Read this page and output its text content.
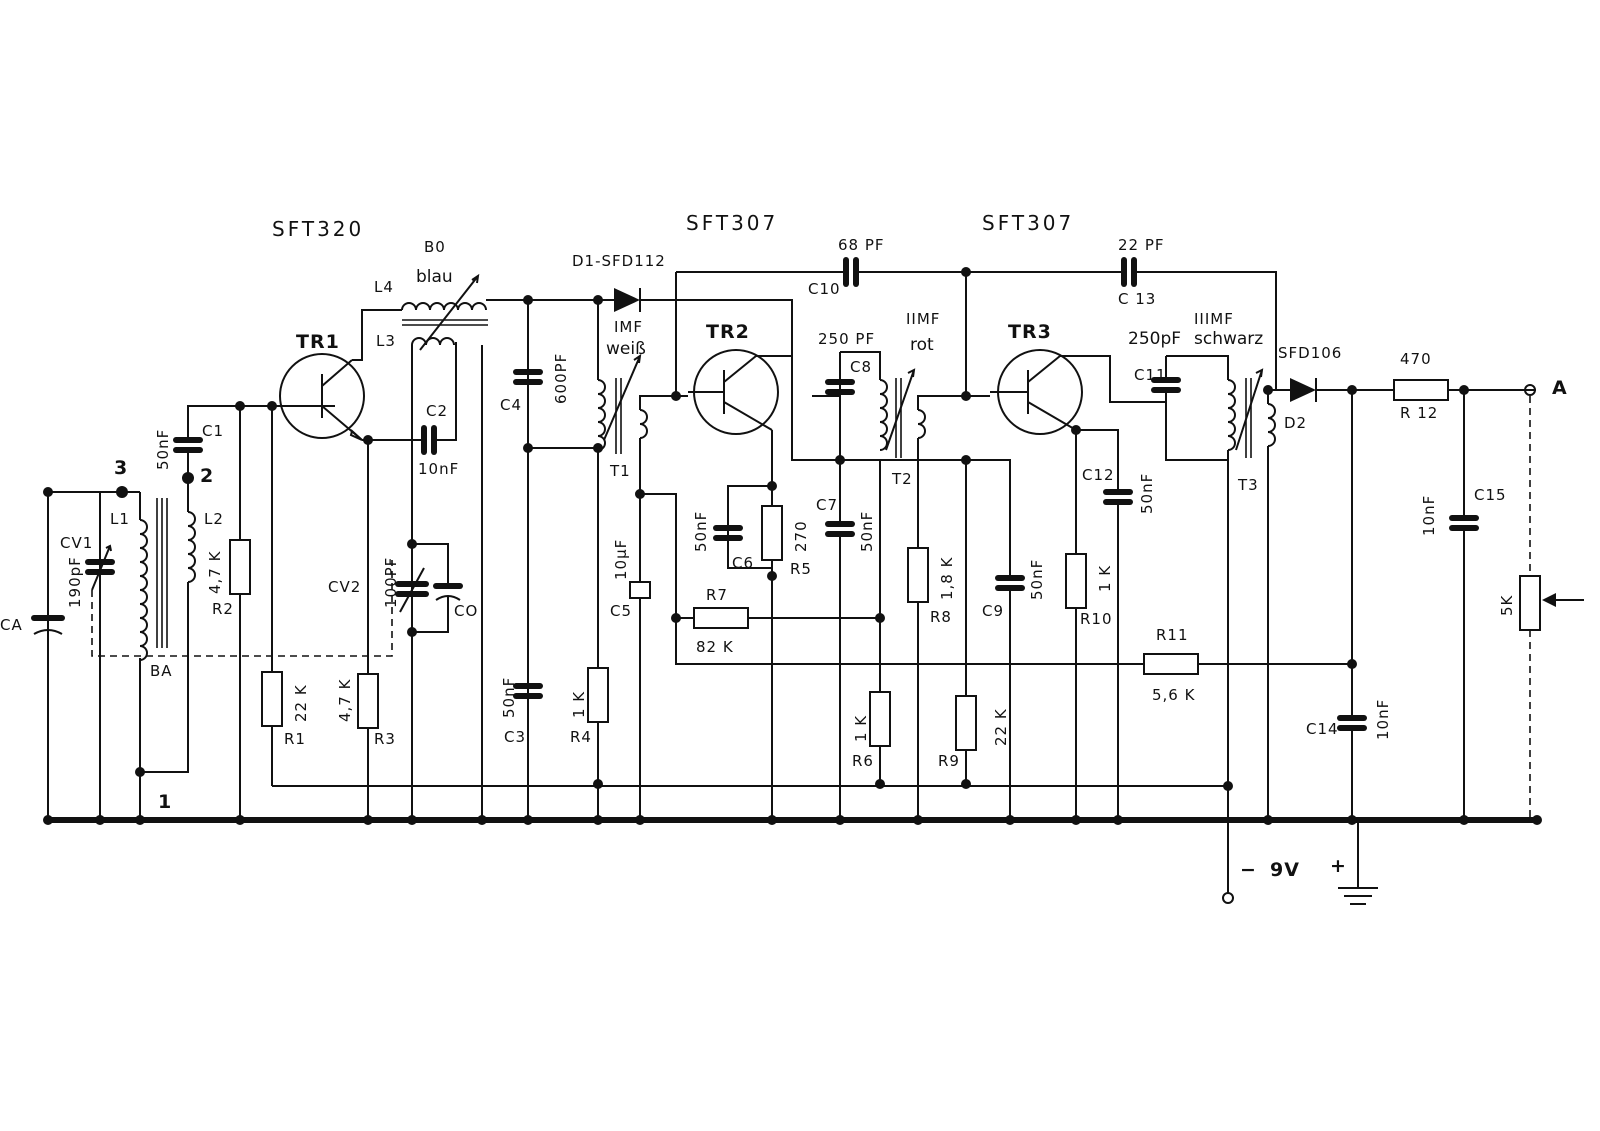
SFT320	SFT307	SFT307
TR1	TR2	TR3
B0
blau
L4
L3
C2
10nF
D1-SFD112
IMF
weiß
T1
68 PF
C10
22 PF
C 13
250 PF
C8
IIMF
rot
T2
IIIMF
250pF schwarz
SFD106
C11
T3
D2
470
R 12
A
C1
50nF
3	2
L1	L2
CV1
190pF
CA
BA
1
4,7 K
R2
22 K
R1
4,7 K
R3
CV2 100PF
CO
C4
600PF
50nF
C3
1 K
R4
10µF
C5
50nF
C6
270
R5
R7
82 K
C7
50nF
1 K
R6
1,8 K
R8
50nF
C9
22 K
R9
C12 50nF
1 K
R10
R11
5,6 K
10nF C15
5K
C14 10nF
− 9V +
